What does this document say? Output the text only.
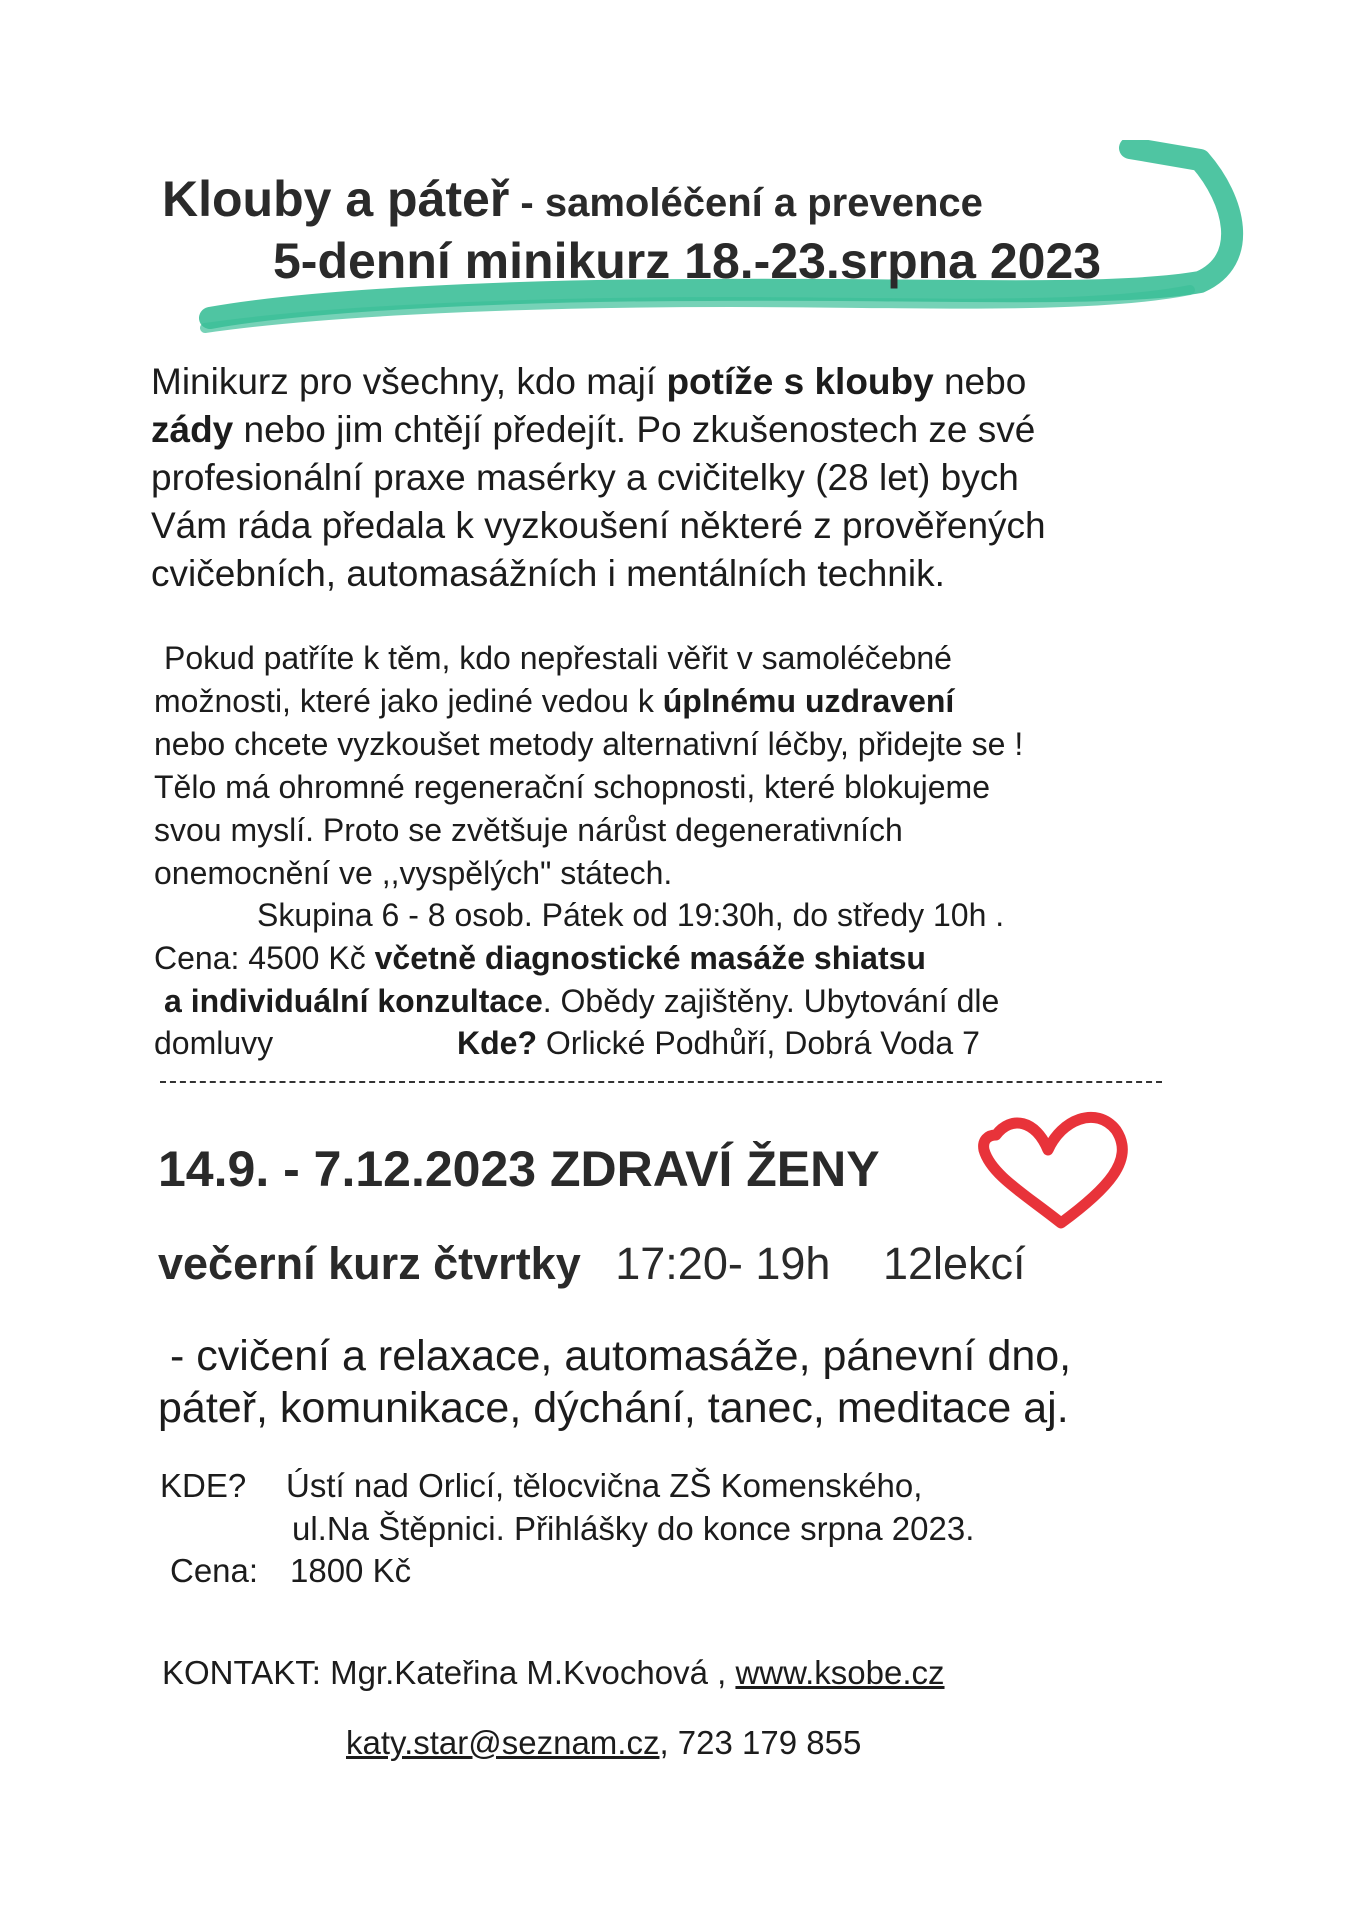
Klouby a páteř - samoléčení a prevence
5-denní minikurz 18.-23.srpna 2023
Minikurz pro všechny, kdo mají potíže s klouby nebo
zády nebo jim chtějí předejít. Po zkušenostech ze své
profesionální praxe masérky a cvičitelky (28 let) bych
Vám ráda předala k vyzkoušení některé z prověřených
cvičebních, automasážních i mentálních technik.
Pokud patříte k těm, kdo nepřestali věřit v samoléčebné
možnosti, které jako jediné vedou k úplnému uzdravení
nebo chcete vyzkoušet metody alternativní léčby, přidejte se !
Tělo má ohromné regenerační schopnosti, které blokujeme
svou myslí. Proto se zvětšuje nárůst degenerativních
onemocnění ve ,,vyspělých" státech.
Skupina 6 - 8 osob. Pátek od 19:30h, do středy 10h .
Cena: 4500 Kč včetně diagnostické masáže shiatsu
a individuální konzultace. Obědy zajištěny. Ubytování dle
domluvy	Kde? Orlické Podhůří, Dobrá Voda 7
14.9. - 7.12.2023 ZDRAVÍ ŽENY
večerní kurz čtvrtky 17:20- 19h 12lekcí
- cvičení a relaxace, automasáže, pánevní dno,
páteř, komunikace, dýchání, tanec, meditace aj.
KDE? Ústí nad Orlicí, tělocvična ZŠ Komenského,
ul.Na Štěpnici. Přihlášky do konce srpna 2023.
Cena: 1800 Kč
KONTAKT: Mgr.Kateřina M.Kvochová , www.ksobe.cz
katy.star@seznam.cz, 723 179 855
